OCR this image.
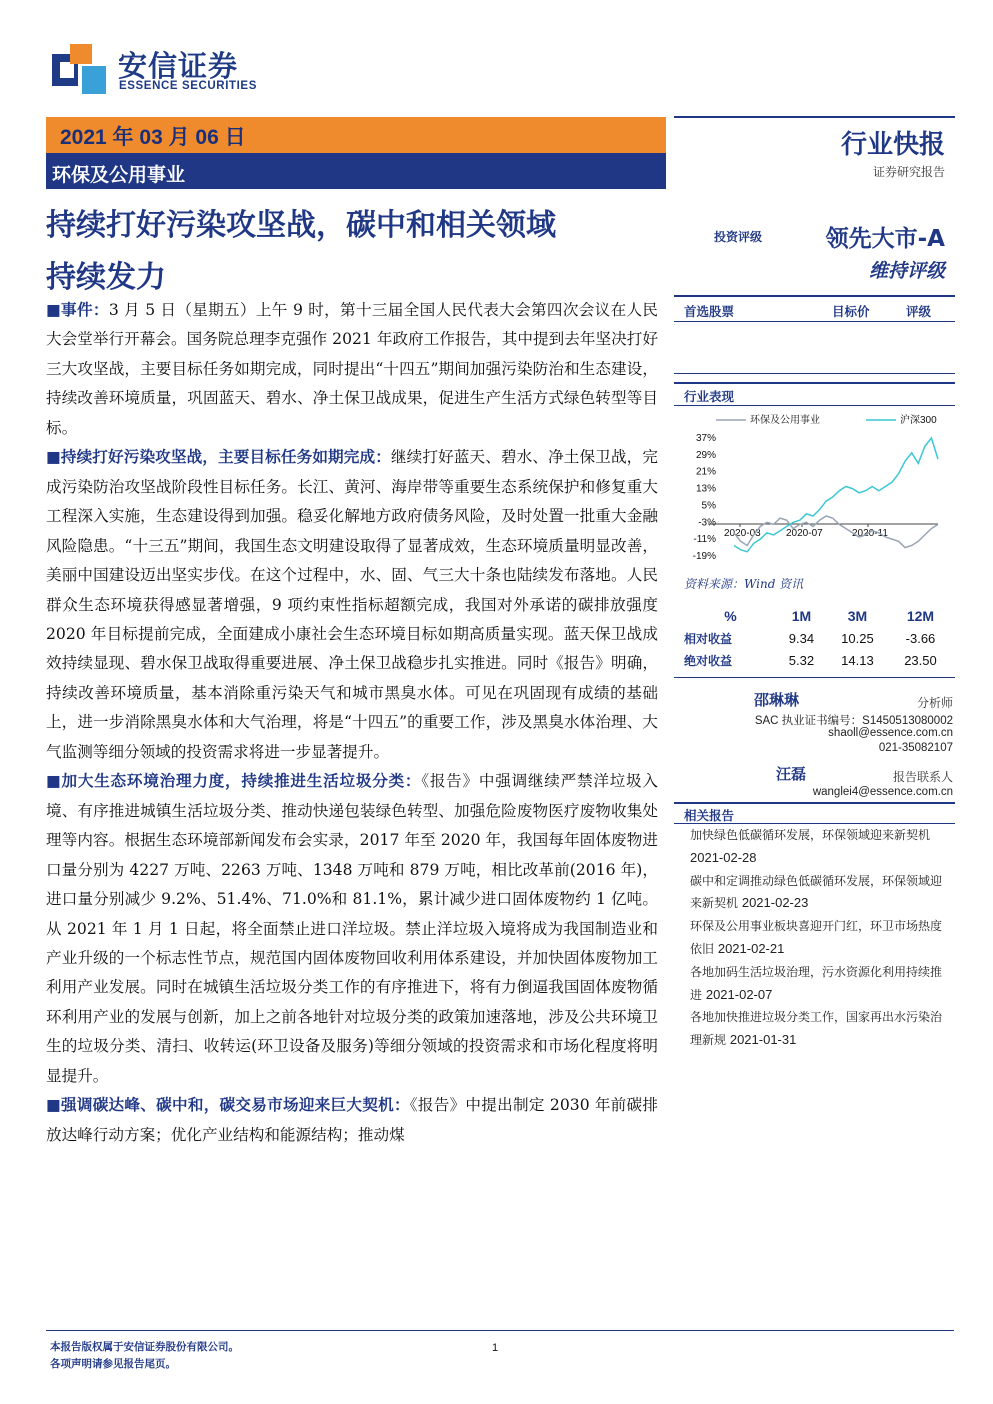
安信证券
ESSENCE SECURITIES
2021 年 03 月 06 日
环保及公用事业
行业快报
证券研究报告
持续打好污染攻坚战，碳中和相关领域
持续发力
投资评级	领先大市-A
维持评级
首选股票	目标价	评级
行业表现
环保及公用事业	沪深300
37%
29%
21%
13%
5%
-3%
-11%
-19%
2020-03	2020-07	2020-11
资料来源：Wind 资讯
%	1M	3M	12M
相对收益	9.34	10.25	-3.66
绝对收益	5.32	14.13	23.50
邵琳琳	分析师
SAC 执业证书编号：S1450513080002
shaoll@essence.com.cn
021-35082107
汪磊	报告联系人
wanglei4@essence.com.cn
相关报告
加快绿色低碳循环发展，环保领域迎来新契机 2021-02-28
碳中和定调推动绿色低碳循环发展，环保领域迎来新契机 2021-02-23
环保及公用事业板块喜迎开门红，环卫市场热度依旧 2021-02-21
各地加码生活垃圾治理，污水资源化利用持续推进 2021-02-07
各地加快推进垃圾分类工作，国家再出水污染治理新规 2021-01-31

■事件：3 月 5 日（星期五）上午 9 时，第十三届全国人民代表大会第四次会议在人民大会堂举行开幕会。国务院总理李克强作 2021 年政府工作报告，其中提到去年坚决打好三大攻坚战，主要目标任务如期完成，同时提出“十四五”期间加强污染防治和生态建设，持续改善环境质量，巩固蓝天、碧水、净土保卫战成果，促进生产生活方式绿色转型等目标。

■持续打好污染攻坚战，主要目标任务如期完成：继续打好蓝天、碧水、净土保卫战，完成污染防治攻坚战阶段性目标任务。长江、黄河、海岸带等重要生态系统保护和修复重大工程深入实施，生态建设得到加强。稳妥化解地方政府债务风险，及时处置一批重大金融风险隐患。“十三五”期间，我国生态文明建设取得了显著成效，生态环境质量明显改善，美丽中国建设迈出坚实步伐。在这个过程中，水、固、气三大十条也陆续发布落地。人民群众生态环境获得感显著增强，9 项约束性指标超额完成，我国对外承诺的碳排放强度 2020 年目标提前完成，全面建成小康社会生态环境目标如期高质量实现。蓝天保卫战成效持续显现、碧水保卫战取得重要进展、净土保卫战稳步扎实推进。同时《报告》明确，持续改善环境质量，基本消除重污染天气和城市黑臭水体。可见在巩固现有成绩的基础上，进一步消除黑臭水体和大气治理，将是“十四五”的重要工作，涉及黑臭水体治理、大气监测等细分领域的投资需求将进一步显著提升。

■加大生态环境治理力度，持续推进生活垃圾分类：《报告》中强调继续严禁洋垃圾入境、有序推进城镇生活垃圾分类、推动快递包装绿色转型、加强危险废物医疗废物收集处理等内容。根据生态环境部新闻发布会实录，2017 年至 2020 年，我国每年固体废物进口量分别为 4227 万吨、2263 万吨、1348 万吨和 879 万吨，相比改革前(2016 年)，进口量分别减少 9.2%、51.4%、71.0%和 81.1%，累计减少进口固体废物约 1 亿吨。从 2021 年 1 月 1 日起，将全面禁止进口洋垃圾。禁止洋垃圾入境将成为我国制造业和产业升级的一个标志性节点，规范国内固体废物回收利用体系建设，并加快固体废物加工利用产业发展。同时在城镇生活垃圾分类工作的有序推进下，将有力倒逼我国固体废物循环利用产业的发展与创新，加上之前各地针对垃圾分类的政策加速落地，涉及公共环境卫生的垃圾分类、清扫、收转运(环卫设备及服务)等细分领域的投资需求和市场化程度将明显提升。

■强调碳达峰、碳中和，碳交易市场迎来巨大契机：《报告》中提出制定 2030 年前碳排放达峰行动方案；优化产业结构和能源结构；推动煤

本报告版权属于安信证券股份有限公司。
各项声明请参见报告尾页。
1
